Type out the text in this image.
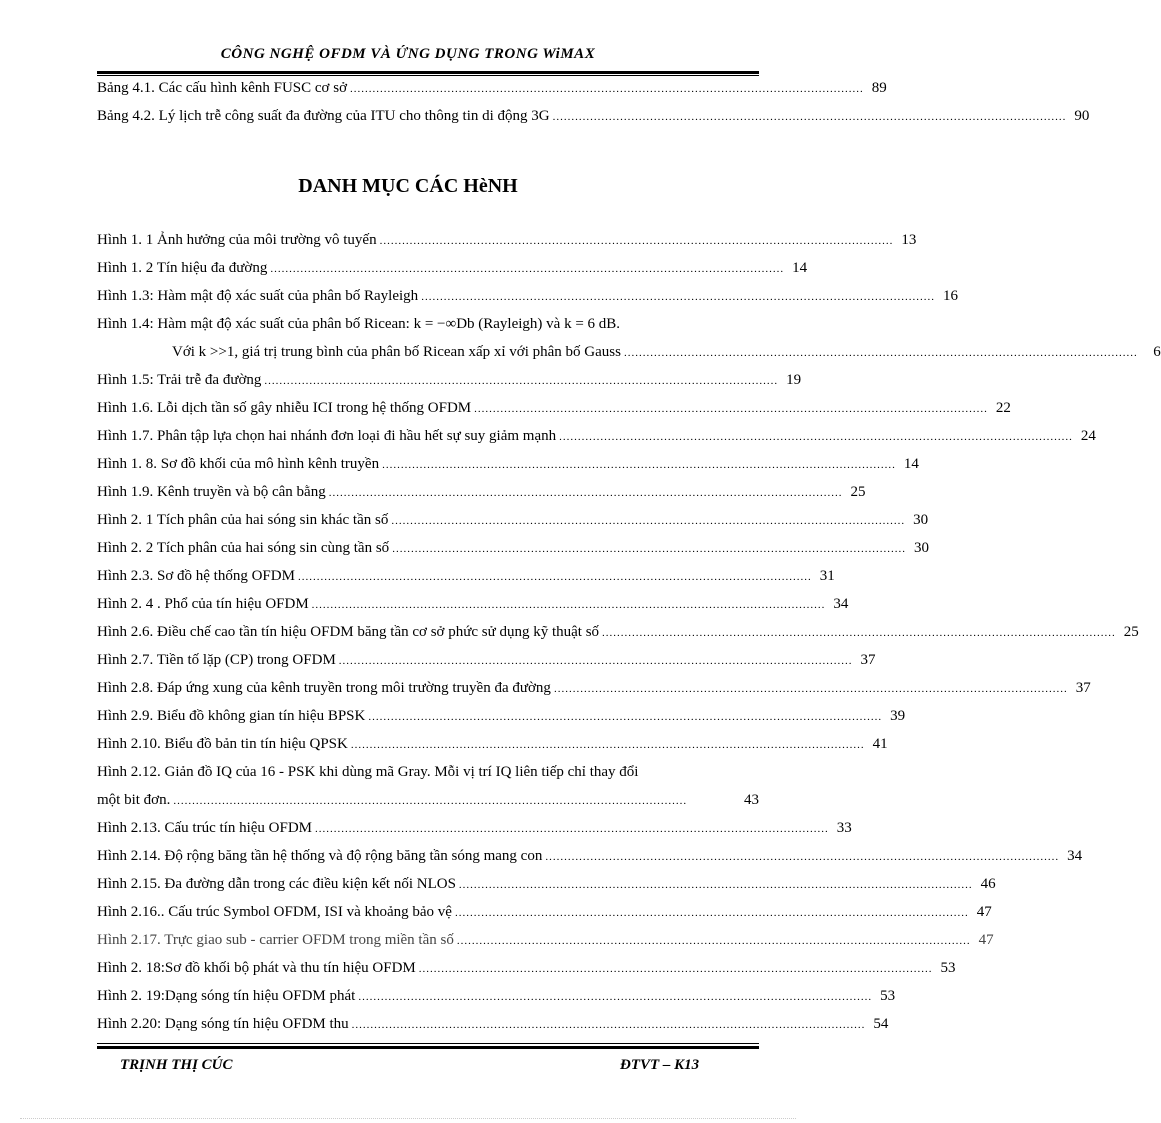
CÔNG NGHỆ OFDM VÀ ỨNG DỤNG TRONG WiMAX
Bảng 4.1. Các cấu hình kênh FUSC cơ sở ......................................................................................................................................... 89
Bảng 4.2. Lý lịch trễ công suất đa đường của ITU cho thông tin di động 3G ......................................................................................................................................... 90
DANH MỤC CÁC HèNH
Hình 1. 1 Ảnh hưởng của môi trường vô tuyến ......................................................................................................................................... 13
Hình 1. 2 Tín hiệu đa đường ......................................................................................................................................... 14
Hình 1.3: Hàm mật độ xác suất của phân bố Rayleigh ......................................................................................................................................... 16
Hình 1.4: Hàm mật độ xác suất của phân bố Ricean: k = −∞Db (Rayleigh) và k = 6 dB.
Với k >>1, giá trị trung bình của phân bố Ricean xấp xỉ với phân bố Gauss .........................................................................................................................................	6
Hình 1.5: Trải trễ đa đường ......................................................................................................................................... 19
Hình 1.6. Lỗi dịch tần số gây nhiễu ICI trong hệ thống OFDM ......................................................................................................................................... 22
Hình 1.7. Phân tập lựa chọn hai nhánh đơn loại đi hầu hết sự suy giảm mạnh ......................................................................................................................................... 24
Hình 1. 8. Sơ đồ khối của mô hình kênh truyền ......................................................................................................................................... 14
Hình 1.9. Kênh truyền và bộ cân bằng ......................................................................................................................................... 25
Hình 2. 1 Tích phân của hai sóng sin khác tần số ......................................................................................................................................... 30
Hình 2. 2 Tích phân của hai sóng sin cùng tần số ......................................................................................................................................... 30
Hình 2.3. Sơ đồ hệ thống OFDM ......................................................................................................................................... 31
Hình 2. 4 . Phổ của tín hiệu OFDM ......................................................................................................................................... 34
Hình 2.6. Điều chế cao tần tín hiệu OFDM băng tần cơ sở phức sử dụng kỹ thuật số ......................................................................................................................................... 25
Hình 2.7. Tiền tố lặp (CP) trong OFDM ......................................................................................................................................... 37
Hình 2.8. Đáp ứng xung của kênh truyền trong môi trường truyền đa đường ......................................................................................................................................... 37
Hình 2.9. Biểu đồ không gian tín hiệu BPSK ......................................................................................................................................... 39
Hình 2.10. Biểu đồ bản tin tín hiệu QPSK ......................................................................................................................................... 41
Hình 2.12. Giản đồ IQ của 16 - PSK khi dùng mã Gray. Mỗi vị trí IQ liên tiếp chỉ thay đổi
một bit đơn. .........................................................................................................................................	43
Hình 2.13. Cấu trúc tín hiệu OFDM ......................................................................................................................................... 33
Hình 2.14. Độ rộng băng tần hệ thống và độ rộng băng tần sóng mang con ......................................................................................................................................... 34
Hình 2.15. Đa đường dẫn trong các điều kiện kết nối NLOS ......................................................................................................................................... 46
Hình 2.16.. Cấu trúc Symbol OFDM, ISI và khoảng bảo vệ ......................................................................................................................................... 47
Hình 2.17. Trực giao sub - carrier OFDM trong miền tần số ......................................................................................................................................... 47
Hình 2. 18:Sơ đồ khối bộ phát và thu tín hiệu OFDM ......................................................................................................................................... 53
Hình 2. 19:Dạng sóng tín hiệu OFDM phát ......................................................................................................................................... 53
Hình 2.20: Dạng sóng tín hiệu OFDM thu ......................................................................................................................................... 54
TRỊNH THỊ CÚC	ĐTVT – K13
